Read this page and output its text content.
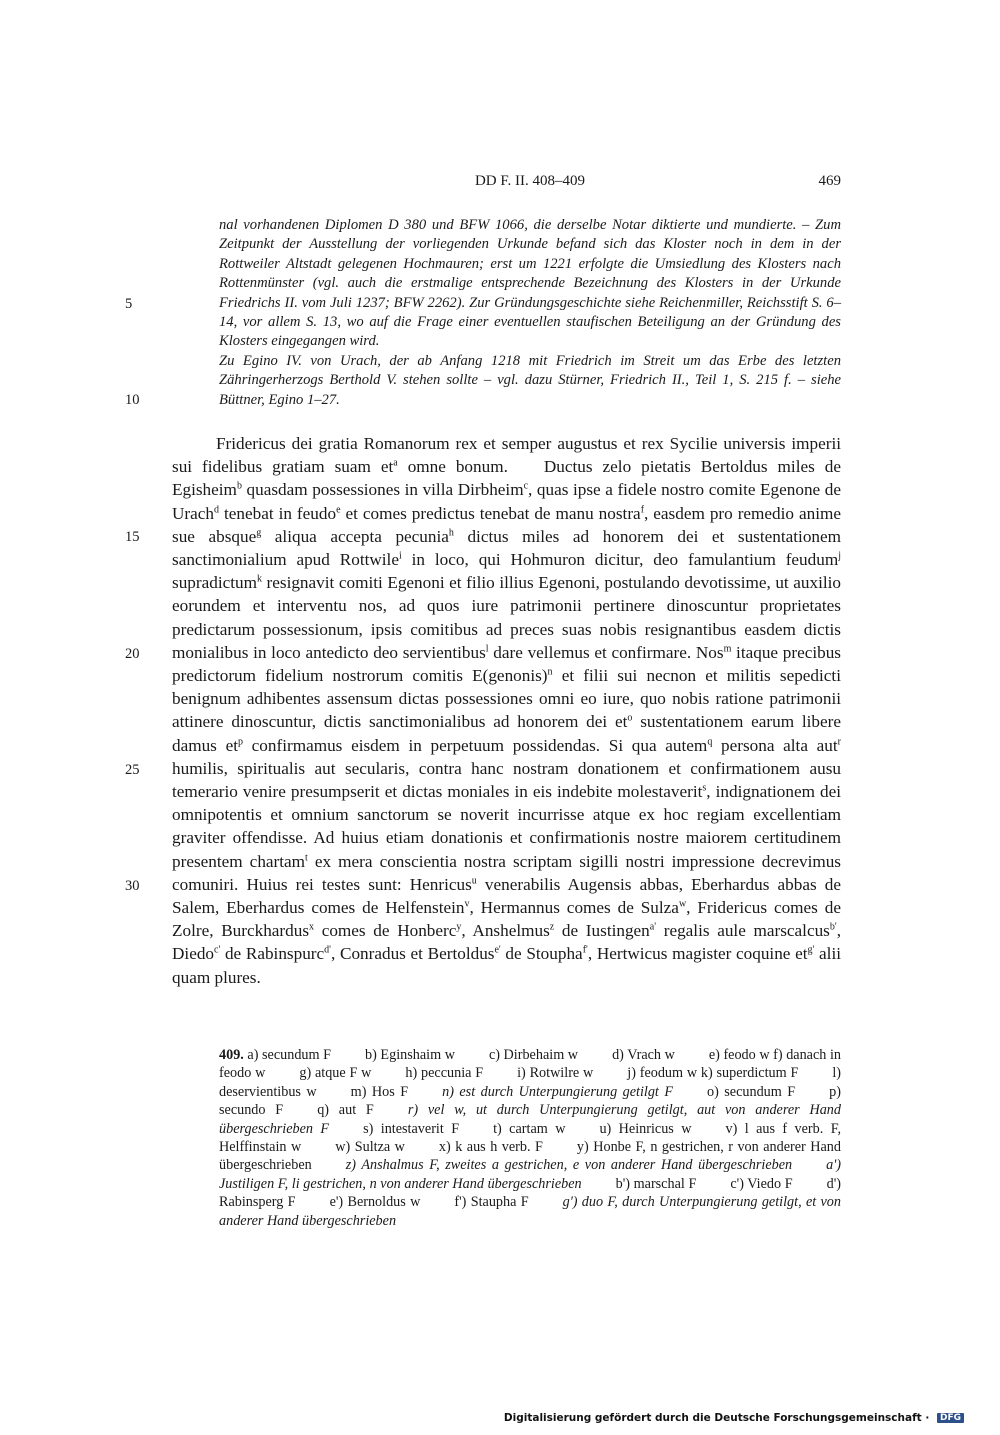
DD F. II. 408–409	469

nal vorhandenen Diplomen D 380 und BFW 1066, die derselbe Notar diktierte und mundierte. – Zum Zeitpunkt der Ausstellung der vorliegenden Urkunde befand sich das Kloster noch in dem in der Rottweiler Altstadt gelegenen Hochmauren; erst um 1221 erfolgte die Umsiedlung des Klosters nach Rottenmünster (vgl. auch die erstmalige entsprechende Bezeichnung des Klosters in der Urkunde Friedrichs II. vom Juli 1237; BFW 2262). Zur Gründungsgeschichte siehe Reichenmiller, Reichsstift S. 6–14, vor allem S. 13, wo auf die Frage einer eventuellen staufischen Beteiligung an der Gründung des Klosters eingegangen wird.

Zu Egino IV. von Urach, der ab Anfang 1218 mit Friedrich im Streit um das Erbe des letzten Zähringerherzogs Berthold V. stehen sollte – vgl. dazu Stürner, Friedrich II., Teil 1, S. 215 f. – siehe Büttner, Egino 1–27.

5
10
15
20
25
30

Fridericus dei gratia Romanorum rex et semper augustus et rex Sycilie universis imperii sui fidelibus gratiam suam $et^a$ omne bonum. Ductus zelo pietatis Bertoldus miles de Egisheim$^b$ quasdam possessiones in villa Dirbheim$^c$, quas ipse a fidele nostro comite Egenone de Urach$^d$ tenebat in feudo$^e$ et comes predictus tenebat de manu nostra$^f$, easdem pro remedio anime sue absque$^g$ aliqua accepta pecunia$^h$ dictus miles ad honorem dei et sustentationem sanctimonialium apud Rottwile$^i$ in loco, qui Hohmuron dicitur, deo famulantium feudum$^j$ supradictum$^k$ resignavit comiti Egenoni et filio illius Egenoni, postulando devotissime, ut auxilio eorundem et interventu nos, ad quos iure patrimonii pertinere dinoscuntur proprietates predictarum possessionum, ipsis comitibus ad preces suas nobis resignantibus easdem dictis monialibus in loco antedicto deo servientibus$^l$ dare vellemus et confirmare. Nos$^m$ itaque precibus predictorum fidelium nostrorum comitis E(genonis)$^n$ et filii sui necnon et militis sepedicti benignum adhibentes assensum dictas possessiones omni eo iure, quo nobis ratione patrimonii attinere dinoscuntur, dictis sanctimonialibus ad honorem dei $et^o$ sustentationem earum libere damus $et^p$ confirmamus eisdem in perpetuum possidendas. Si qua autem$^q$ persona alta aut$^r$ humilis, spiritualis aut secularis, contra hanc nostram donationem et confirmationem ausu temerario venire presumpserit et dictas moniales in eis indebite molestaverit$^s$, indignationem dei omnipotentis et omnium sanctorum se noverit incurrisse atque ex hoc regiam excellentiam graviter offendisse. Ad huius etiam donationis et confirmationis nostre maiorem certitudinem presentem chartam$^t$ ex mera conscientia nostra scriptam sigilli nostri impressione decrevimus comuniri. Huius rei testes sunt: Henricus$^u$ venerabilis Augensis abbas, Eberhardus abbas de Salem, Eberhardus comes de Helfenstein$^v$, Hermannus comes de Sulza$^w$, Fridericus comes de Zolre, Burckhardus$^x$ comes de Honberc$^y$, Anshelmus$^z$ de Iustingen$^{a'}$ regalis aule marscalcus$^{b'}$, Diedo$^{c'}$ de Rabinspurc$^{d'}$, Conradus et Bertoldus$^{e'}$ de Stoupha$^{f'}$, Hertwicus magister coquine $et^{g'}$ alii quam plures.

409. a) secundum F b) Eginshaim w c) Dirbehaim w d) Vrach w e) feodo w f) danach in feodo w g) atque F w h) peccunia F i) Rotwilre w j) feodum w k) superdictum F l) deservientibus w m) Hos F n) est durch Unterpungierung getilgt F o) secundum F p) secundo F q) aut F r) vel w, ut durch Unterpungierung getilgt, aut von anderer Hand übergeschrieben F s) intestaverit F t) cartam w u) Heinricus w v) l aus f verb. F, Helffinstain w w) Sultza w x) k aus h verb. F y) Honbe F, n gestrichen, r von anderer Hand übergeschrieben z) Anshalmus F, zweites a gestrichen, e von anderer Hand übergeschrieben a') Justiligen F, li gestrichen, n von anderer Hand übergeschrieben b') marschal F c') Viedo F d') Rabinsperg F e') Bernoldus w f') Staupha F g') duo F, durch Unterpungierung getilgt, et von anderer Hand übergeschrieben

Digitalisierung gefördert durch die Deutsche Forschungsgemeinschaft · DFG
